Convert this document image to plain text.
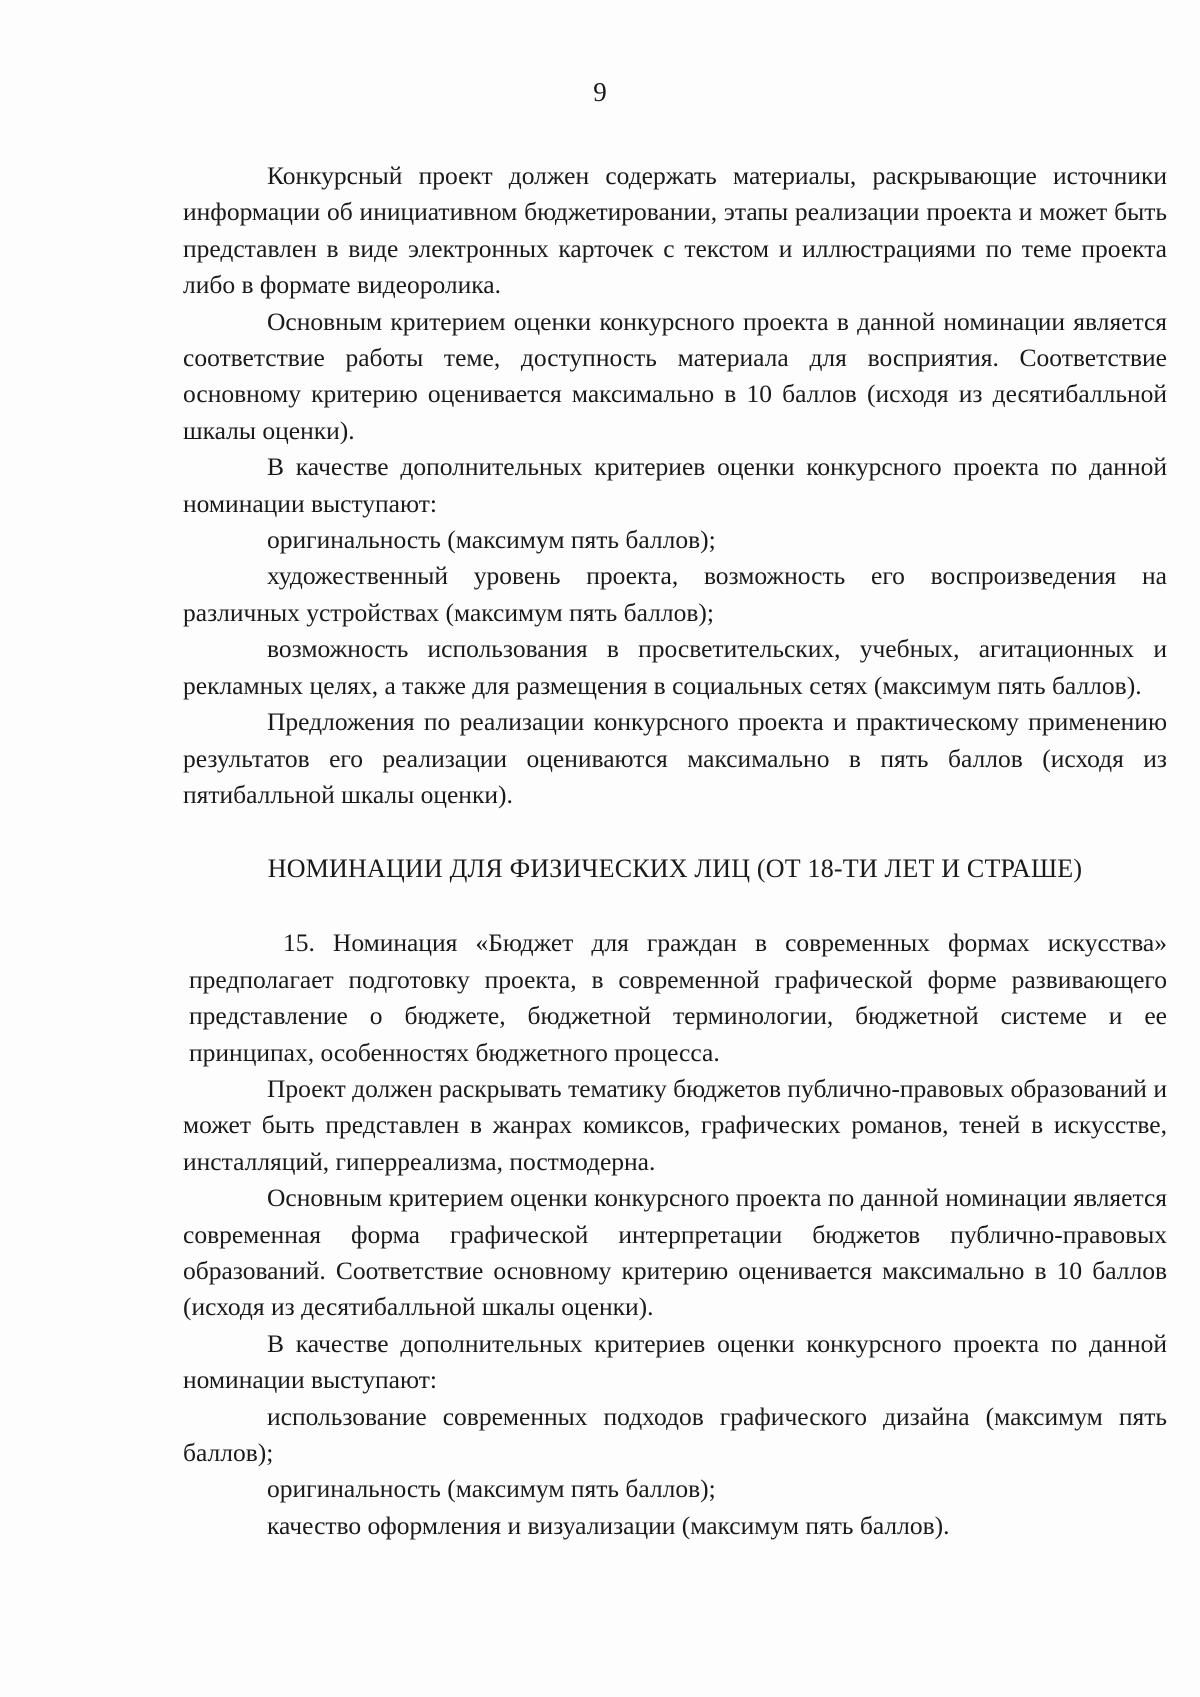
9

Конкурсный проект должен содержать материалы, раскрывающие источники информации об инициативном бюджетировании, этапы реализации проекта и может быть представлен в виде электронных карточек с текстом и иллюстрациями по теме проекта либо в формате видеоролика.

Основным критерием оценки конкурсного проекта в данной номинации является соответствие работы теме, доступность материала для восприятия. Соответствие основному критерию оценивается максимально в 10 баллов (исходя из десятибалльной шкалы оценки).

В качестве дополнительных критериев оценки конкурсного проекта по данной номинации выступают:

оригинальность (максимум пять баллов);

художественный уровень проекта, возможность его воспроизведения на различных устройствах (максимум пять баллов);

возможность использования в просветительских, учебных, агитационных и рекламных целях, а также для размещения в социальных сетях (максимум пять баллов).

Предложения по реализации конкурсного проекта и практическому применению результатов его реализации оцениваются максимально в пять баллов (исходя из пятибалльной шкалы оценки).

НОМИНАЦИИ ДЛЯ ФИЗИЧЕСКИХ ЛИЦ (ОТ 18-ТИ ЛЕТ И СТРАШЕ)

15. Номинация «Бюджет для граждан в современных формах искусства» предполагает подготовку проекта, в современной графической форме развивающего представление о бюджете, бюджетной терминологии, бюджетной системе и ее принципах, особенностях бюджетного процесса.

Проект должен раскрывать тематику бюджетов публично-правовых образований и может быть представлен в жанрах комиксов, графических романов, теней в искусстве, инсталляций, гиперреализма, постмодерна.

Основным критерием оценки конкурсного проекта по данной номинации является современная форма графической интерпретации бюджетов публично-правовых образований. Соответствие основному критерию оценивается максимально в 10 баллов (исходя из десятибалльной шкалы оценки).

В качестве дополнительных критериев оценки конкурсного проекта по данной номинации выступают:

использование современных подходов графического дизайна (максимум пять баллов);

оригинальность (максимум пять баллов);

качество оформления и визуализации (максимум пять баллов).
